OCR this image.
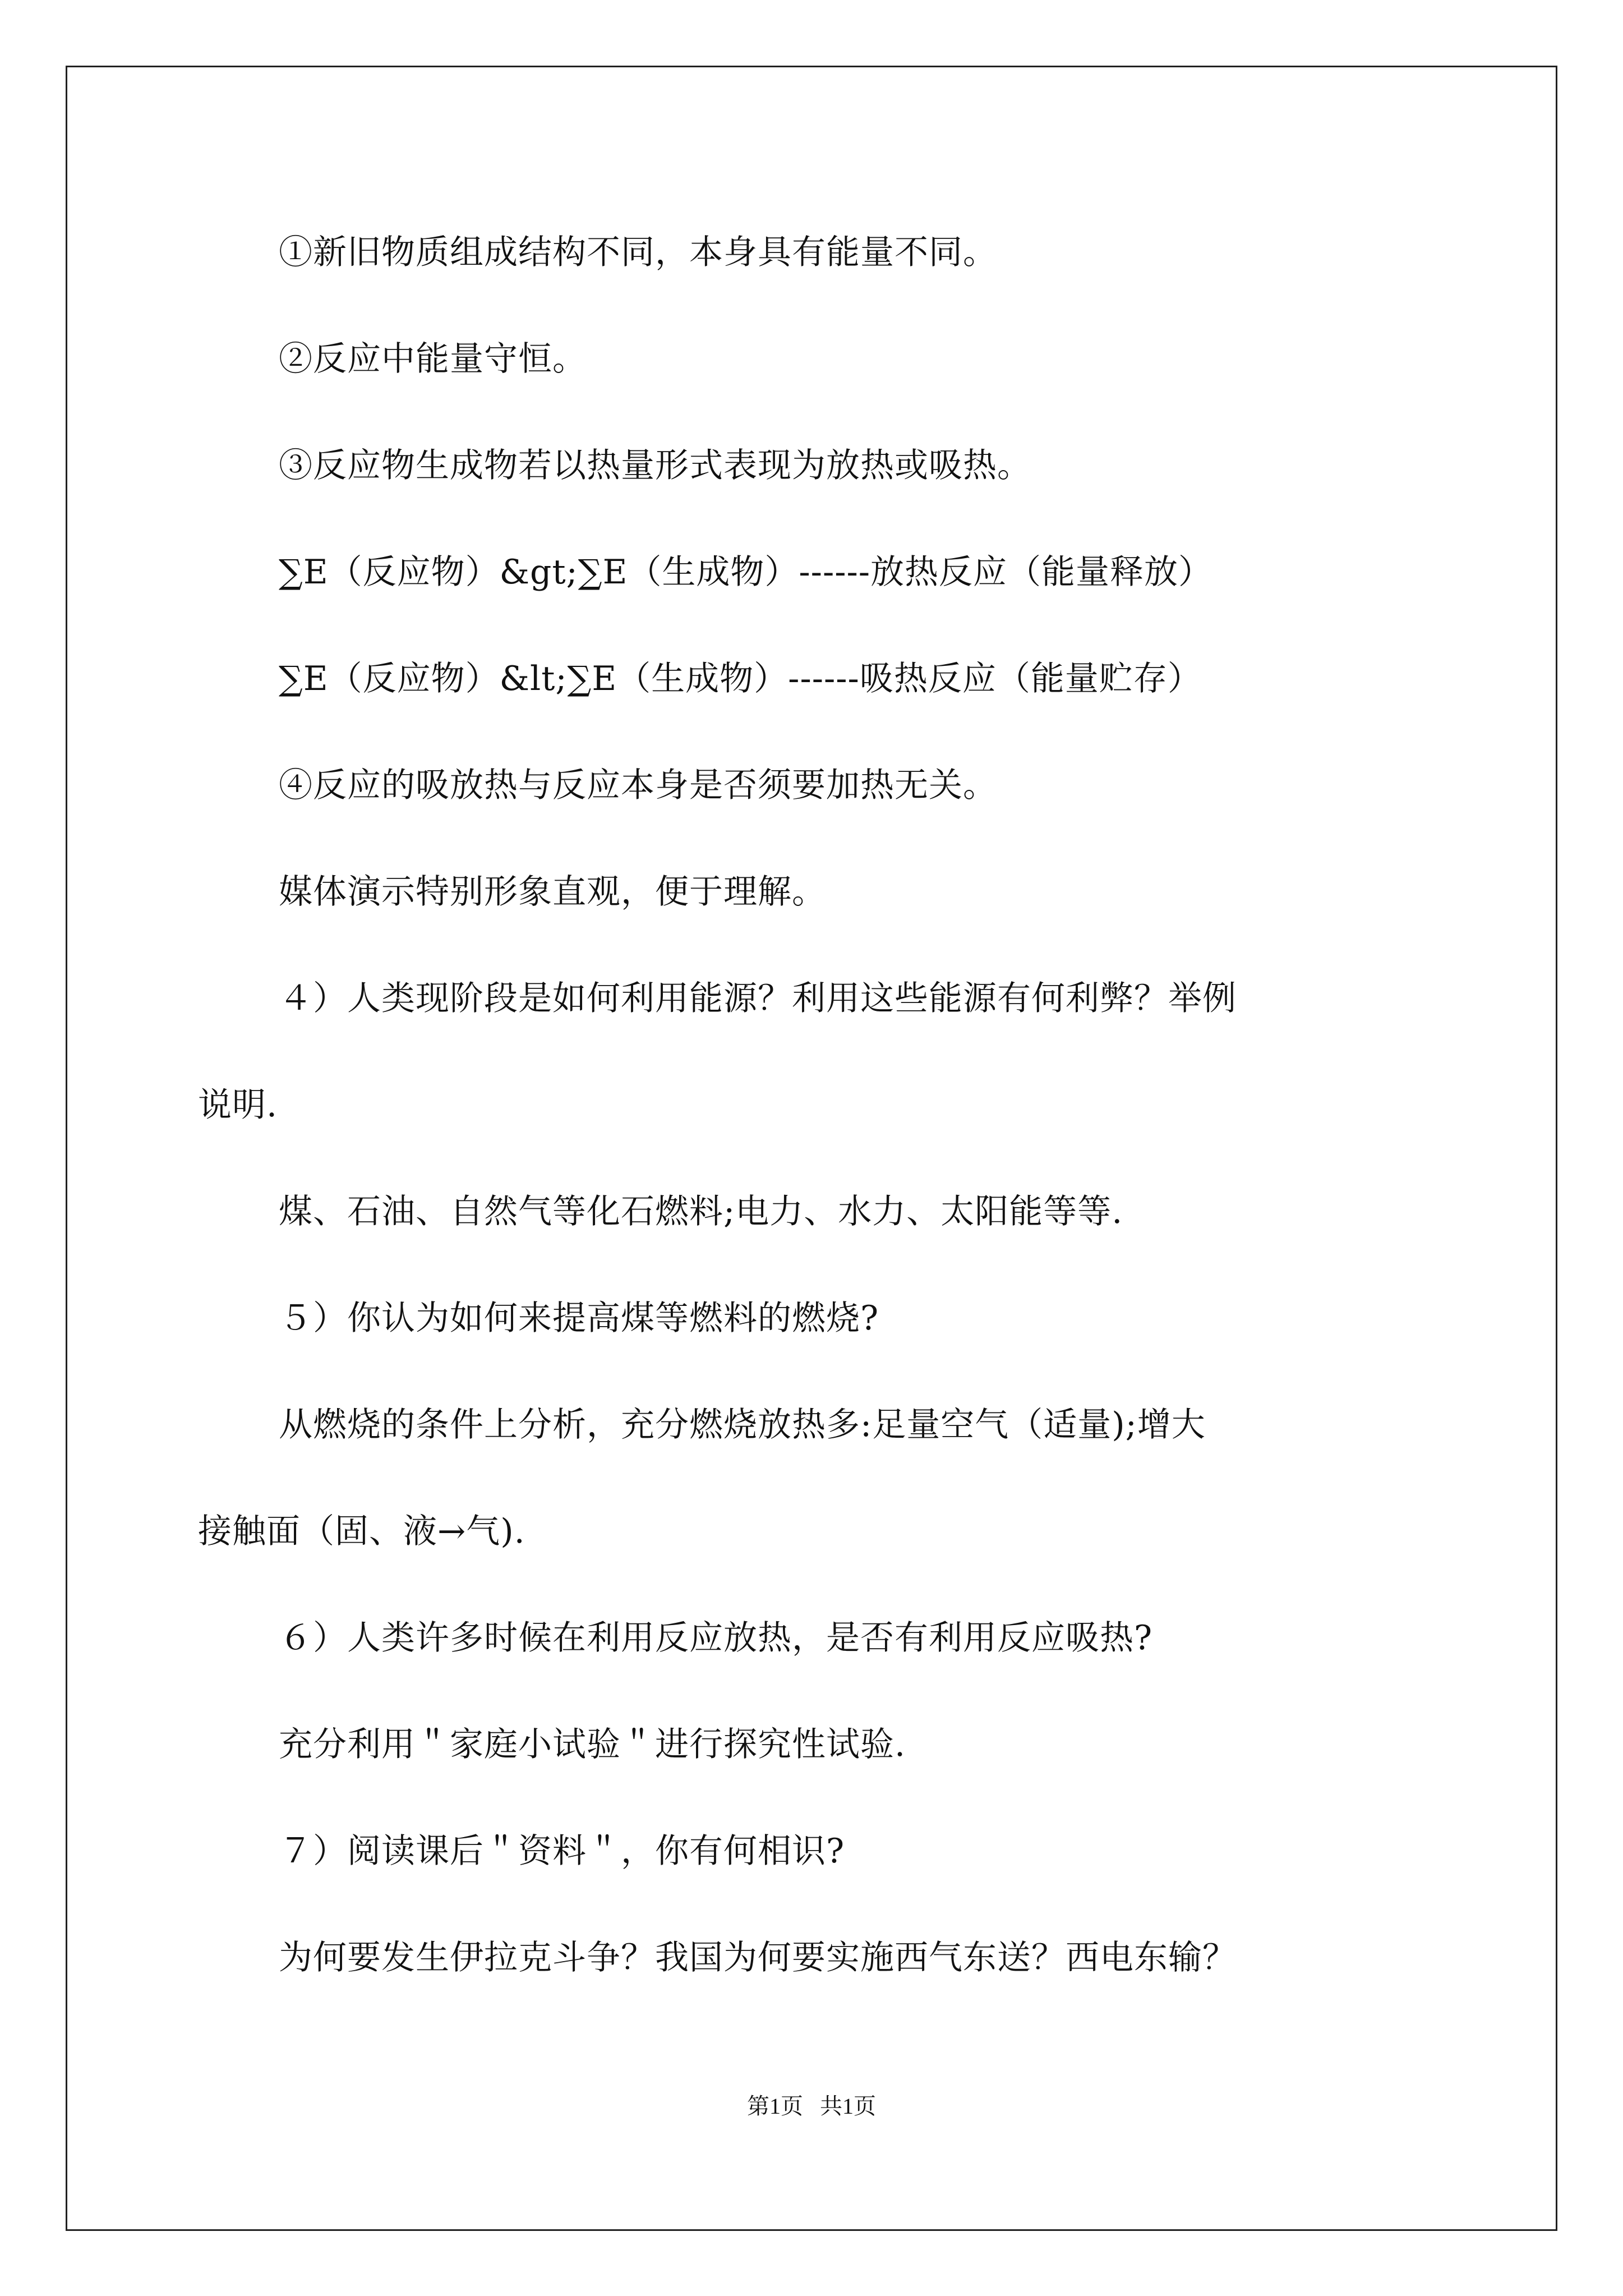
①新旧物质组成结构不同，本身具有能量不同。
②反应中能量守恒。
③反应物生成物若以热量形式表现为放热或吸热。
∑E（反应物）&gt;∑E（生成物）------放热反应（能量释放）
∑E（反应物）&lt;∑E（生成物）------吸热反应（能量贮存）
④反应的吸放热与反应本身是否须要加热无关。
媒体演示特别形象直观，便于理解。
４）人类现阶段是如何利用能源？利用这些能源有何利弊？举例
说明.
煤、石油、自然气等化石燃料;电力、水力、太阳能等等.
５）你认为如何来提高煤等燃料的燃烧?
从燃烧的条件上分析，充分燃烧放热多:足量空气（适量);增大
接触面（固、液→气).
６）人类许多时候在利用反应放热，是否有利用反应吸热?
充分利用＂家庭小试验＂进行探究性试验.
７）阅读课后＂资料＂，你有何相识?
为何要发生伊拉克斗争？我国为何要实施西气东送？西电东输？
第1页   共1页
